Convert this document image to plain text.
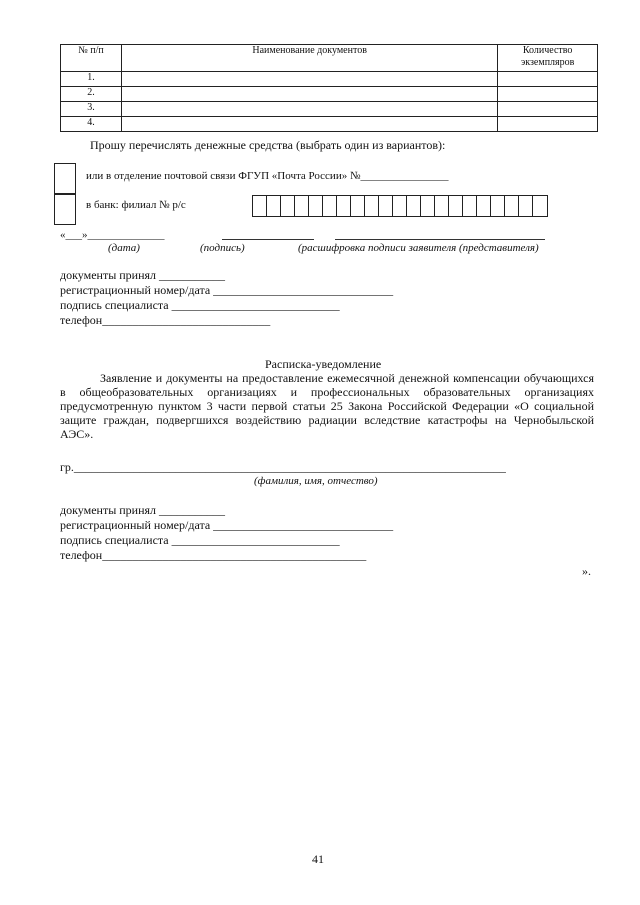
№ п/п	Наименование документов	Количество экземпляров
1.		
2.		
3.		
4.		
Прошу перечислять денежные средства (выбрать один из вариантов):
или в отделение почтовой связи ФГУП «Почта России» №________________
в банк: филиал № р/с
«___»______________
(дата)	(подпись)	(расшифровка подписи заявителя (представителя)
документы принял ___________
регистрационный номер/дата ______________________________
подпись специалиста ____________________________
телефон____________________________
Расписка-уведомление
Заявление и документы на предоставление ежемесячной денежной компенсации обучающихся в общеобразовательных организациях и профессиональных образовательных организациях предусмотренную пунктом 3 части первой статьи 25 Закона Российской Федерации «О социальной защите граждан, подвергшихся воздействию радиации вследствие катастрофы на Чернобыльской АЭС».
гр.________________________________________________________________________
(фамилия, имя, отчество)
документы принял ___________
регистрационный номер/дата ______________________________
подпись специалиста ____________________________
телефон____________________________________________
».
41
